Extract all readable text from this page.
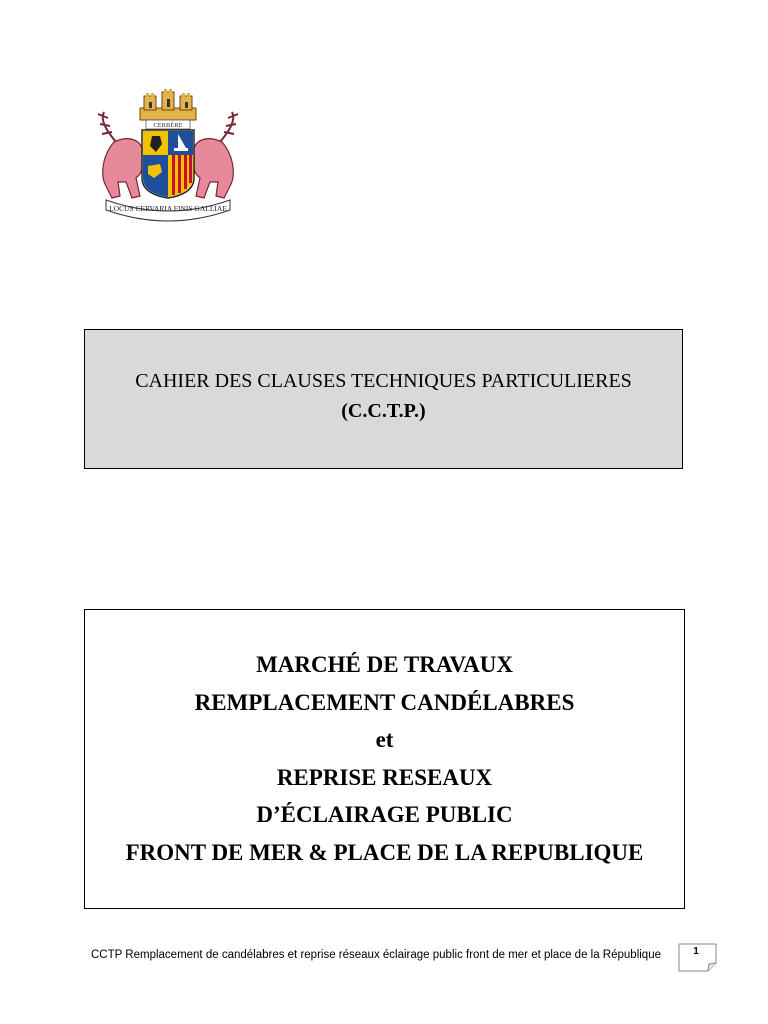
CERBÈRE
LOCUS CERVARIA FINIS GALLIAE
CAHIER DES CLAUSES TECHNIQUES PARTICULIERES
(C.C.T.P.)
MARCHÉ DE TRAVAUX
REMPLACEMENT CANDÉLABRES
et
REPRISE RESEAUX
D’ÉCLAIRAGE PUBLIC
FRONT DE MER & PLACE DE LA REPUBLIQUE
CCTP Remplacement de candélabres et reprise réseaux éclairage public front de mer et place de la République	1
